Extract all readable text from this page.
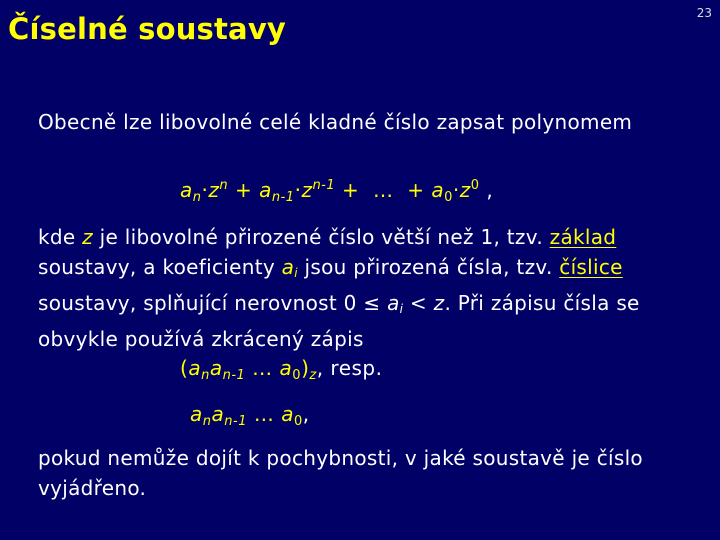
Číselné soustavy	23
Obecně lze libovolné celé kladné číslo zapsat polynomem
$a_n\cdot z^n + a_{n-1}\cdot z^{n-1}$ +  …  + $a_0\cdot z^0$ ,
kde z je libovolné přirozené číslo větší než 1, tzv. základ soustavy, a koeficienty $a_i$ jsou přirozená čísla, tzv. číslice soustavy, splňující nerovnost $0 \le a_i < z$. Při zápisu čísla se obvykle používá zkrácený zápis
($a_na_{n-1}$ … $a_0)_z$, resp.
$a_na_{n-1}$ … $a_0$,
pokud nemůže dojít k pochybnosti, v jaké soustavě je číslo vyjádřeno.
